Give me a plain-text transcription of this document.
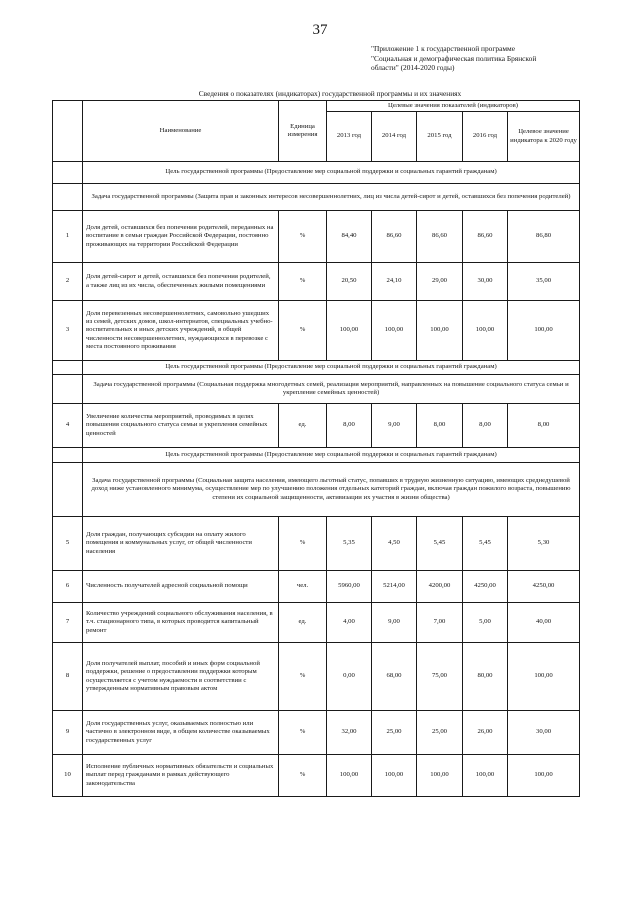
37
"Приложение 1 к государственной программе
"Социальная и демографическая политика Брянской
области" (2014-2020 годы)
Сведения о показателях (индикаторах) государственной программы и их значениях
	Наименование	Единица измерения	Целевые значения показателей (индикаторов)				
			2013 год	2014 год	2015 год	2016 год	Целевое значение индикатора к 2020 году
	Цель государственной программы (Предоставление мер социальной поддержки и социальных гарантий гражданам)						
	Задача государственной программы (Защита прав и законных интересов несовершеннолетних, лиц из числа детей-сирот и детей, оставшихся без попечения родителей)						
1	Доля детей, оставшихся без попечения родителей, переданных на воспитание в семьи граждан Российской Федерации, постоянно проживающих на территории Российской Федерации	%	84,40	86,60	86,60	86,60	86,80
2	Доля детей-сирот и детей, оставшихся без попечения родителей, а также лиц из их числа, обеспеченных жилыми помещениями	%	20,50	24,10	29,00	30,00	35,00
3	Доля перевезенных несовершеннолетних, самовольно ушедших из семей, детских домов, школ-интернатов, специальных учебно-воспитательных и иных детских учреждений, в общей численности несовершеннолетних, нуждающихся в перевозке с места постоянного проживания	%	100,00	100,00	100,00	100,00	100,00
	Цель государственной программы (Предоставление мер социальной поддержки и социальных гарантий гражданам)						
	Задача государственной программы (Социальная поддержка многодетных семей, реализация мероприятий, направленных на повышение социального статуса семьи и укрепление семейных ценностей)						
4	Увеличение количества мероприятий, проводимых в целях повышения социального статуса семьи и укрепления семейных ценностей	ед.	8,00	9,00	8,00	8,00	8,00
	Цель государственной программы (Предоставление мер социальной поддержки и социальных гарантий гражданам)						
	Задача государственной программы (Социальная защита населения, имеющего льготный статус, попавших в трудную жизненную ситуацию, имеющих среднедушевой доход ниже установленного минимума, осуществление мер по улучшению положения отдельных категорий граждан, включая граждан пожилого возраста, повышению степени их социальной защищенности, активизации их участия в жизни общества)						
5	Доля граждан, получающих субсидии на оплату жилого помещения и коммунальных услуг, от общей численности населения	%	5,35	4,50	5,45	5,45	5,30
6	Численность получателей адресной социальной помощи	чел.	5960,00	5214,00	4200,00	4250,00	4250,00
7	Количество учреждений социального обслуживания населения, в т.ч. стационарного типа, в которых проводится капитальный ремонт	ед.	4,00	9,00	7,00	5,00	40,00
8	Доля получателей выплат, пособий и иных форм социальной поддержки, решение о предоставлении поддержки которым осуществляется с учетом нуждаемости в соответствии с утвержденным нормативным правовым актом	%	0,00	68,00	75,00	80,00	100,00
9	Доля государственных услуг, оказываемых полностью или частично в электронном виде, в общем количестве оказываемых государственных услуг	%	32,00	25,00	25,00	26,00	30,00
10	Исполнение публичных нормативных обязательств и социальных выплат перед гражданами в рамках действующего законодательства	%	100,00	100,00	100,00	100,00	100,00
